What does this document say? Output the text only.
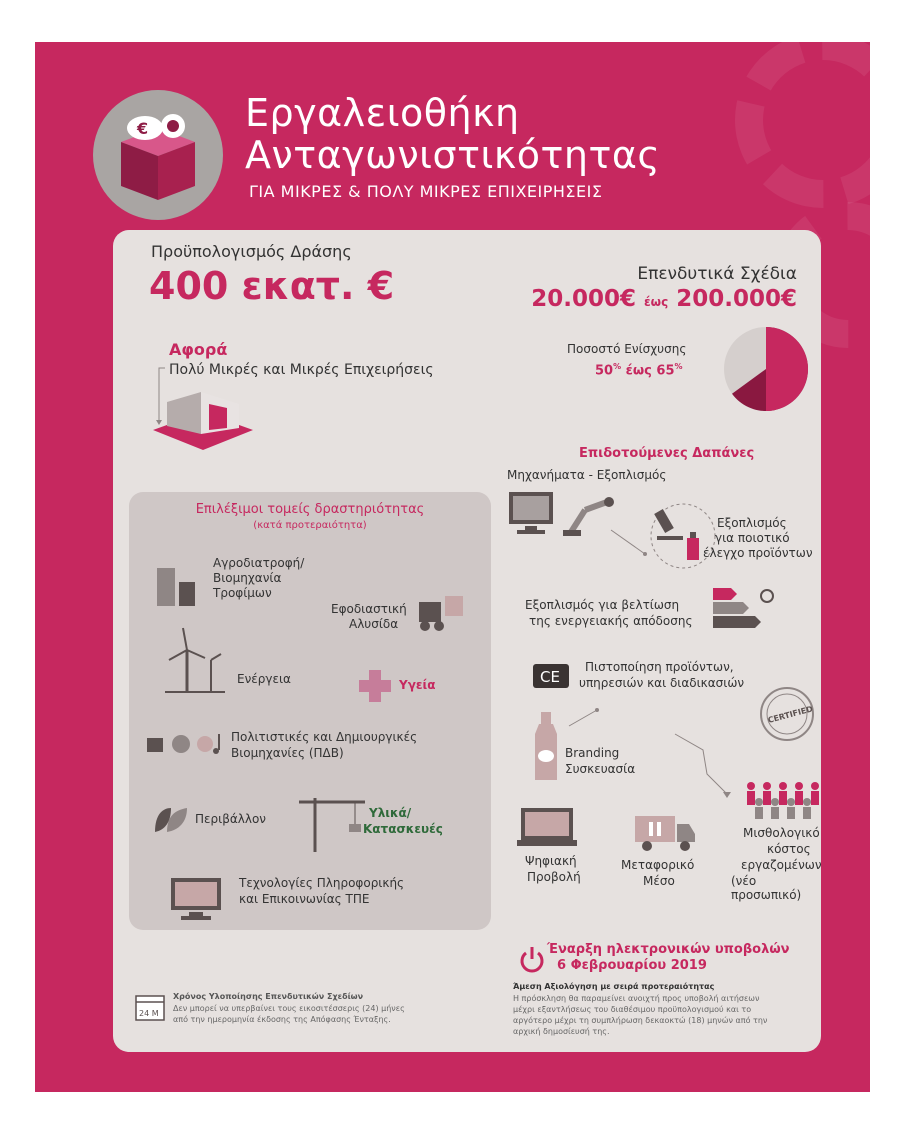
€	Εργαλειοθήκη
Ανταγωνιστικότητας
ΓΙΑ ΜΙΚΡΕΣ & ΠΟΛΥ ΜΙΚΡΕΣ ΕΠΙΧΕΙΡΗΣΕΙΣ
Προϋπολογισμός Δράσης
400 εκατ. €	Επενδυτικά Σχέδια
20.000€ έως 200.000€
Ποσοστό Ενίσχυσης
50% έως 65%
Αφορά
Πολύ Μικρές και Μικρές Επιχειρήσεις
Επιλέξιμοι τομείς δραστηριότητας
(κατά προτεραιότητα)
Αγροδιατροφή/
Βιομηχανία
Τροφίμων
Εφοδιαστική
Αλυσίδα
Ενέργεια	Υγεία
Πολιτιστικές και Δημιουργικές
Βιομηχανίες (ΠΔΒ)
Περιβάλλον	Υλικά/
Κατασκευές
Τεχνολογίες Πληροφορικής
και Επικοινωνίας ΤΠΕ
Επιδοτούμενες Δαπάνες
Μηχανήματα - Εξοπλισμός
Εξοπλισμός
για ποιοτικό
έλεγχο προϊόντων
Εξοπλισμός για βελτίωση
της ενεργειακής απόδοσης
CE
Πιστοποίηση προϊόντων,
υπηρεσιών και διαδικασιών
CERTIFIED
Branding
Συσκευασία
Μισθολογικό
κόστος
εργαζομένων
(νέο προσωπικό)
Ψηφιακή
Προβολή
Μεταφορικό
Μέσο
Έναρξη ηλεκτρονικών υποβολών
6 Φεβρουαρίου 2019
Άμεση Αξιολόγηση με σειρά προτεραιότητας
Η πρόσκληση θα παραμείνει ανοιχτή προς υποβολή αιτήσεων
μέχρι εξαντλήσεως του διαθέσιμου προϋπολογισμού και το
αργότερο μέχρι τη συμπλήρωση δεκαοκτώ (18) μηνών από την
αρχική δημοσίευσή της.
24 Μ
Χρόνος Υλοποίησης Επενδυτικών Σχεδίων
Δεν μπορεί να υπερβαίνει τους εικοσιτέσσερις (24) μήνες
από την ημερομηνία έκδοσης της Απόφασης Ένταξης.
